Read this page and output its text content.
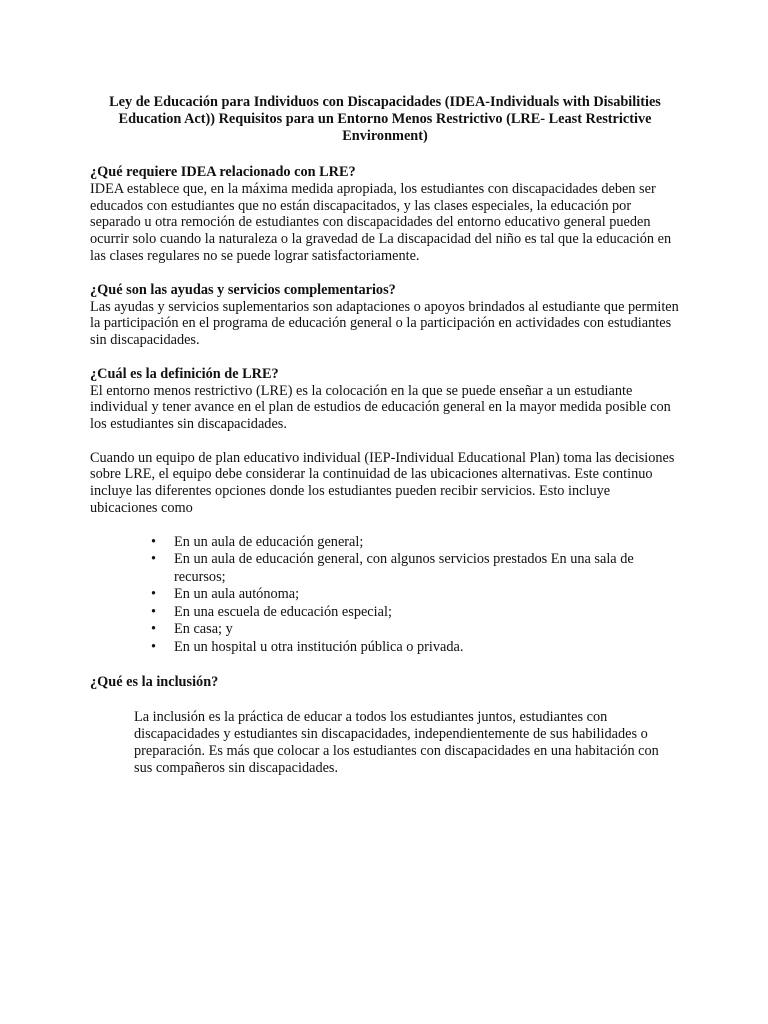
Ley de Educación para Individuos con Discapacidades (IDEA-Individuals with Disabilities Education Act)) Requisitos para un Entorno Menos Restrictivo (LRE- Least Restrictive Environment)
¿Qué requiere IDEA relacionado con LRE?

IDEA establece que, en la máxima medida apropiada, los estudiantes con discapacidades deben ser educados con estudiantes que no están discapacitados, y las clases especiales, la educación por separado u otra remoción de estudiantes con discapacidades del entorno educativo general pueden ocurrir solo cuando la naturaleza o la gravedad de La discapacidad del niño es tal que la educación en las clases regulares no se puede lograr satisfactoriamente.

¿Qué son las ayudas y servicios complementarios?

Las ayudas y servicios suplementarios son adaptaciones o apoyos brindados al estudiante que permiten la participación en el programa de educación general o la participación en actividades con estudiantes sin discapacidades.

¿Cuál es la definición de LRE?

El entorno menos restrictivo (LRE) es la colocación en la que se puede enseñar a un estudiante individual y tener avance en el plan de estudios de educación general en la mayor medida posible con los estudiantes sin discapacidades.

Cuando un equipo de plan educativo individual (IEP-Individual Educational Plan) toma las decisiones sobre LRE, el equipo debe considerar la continuidad de las ubicaciones alternativas. Este continuo incluye las diferentes opciones donde los estudiantes pueden recibir servicios. Esto incluye ubicaciones como

• En un aula de educación general;
• En un aula de educación general, con algunos servicios prestados En una sala de recursos;
• En un aula autónoma;
• En una escuela de educación especial;
• En casa; y
• En un hospital u otra institución pública o privada.
¿Qué es la inclusión?

La inclusión es la práctica de educar a todos los estudiantes juntos, estudiantes con discapacidades y estudiantes sin discapacidades, independientemente de sus habilidades o preparación. Es más que colocar a los estudiantes con discapacidades en una habitación con sus compañeros sin discapacidades.
